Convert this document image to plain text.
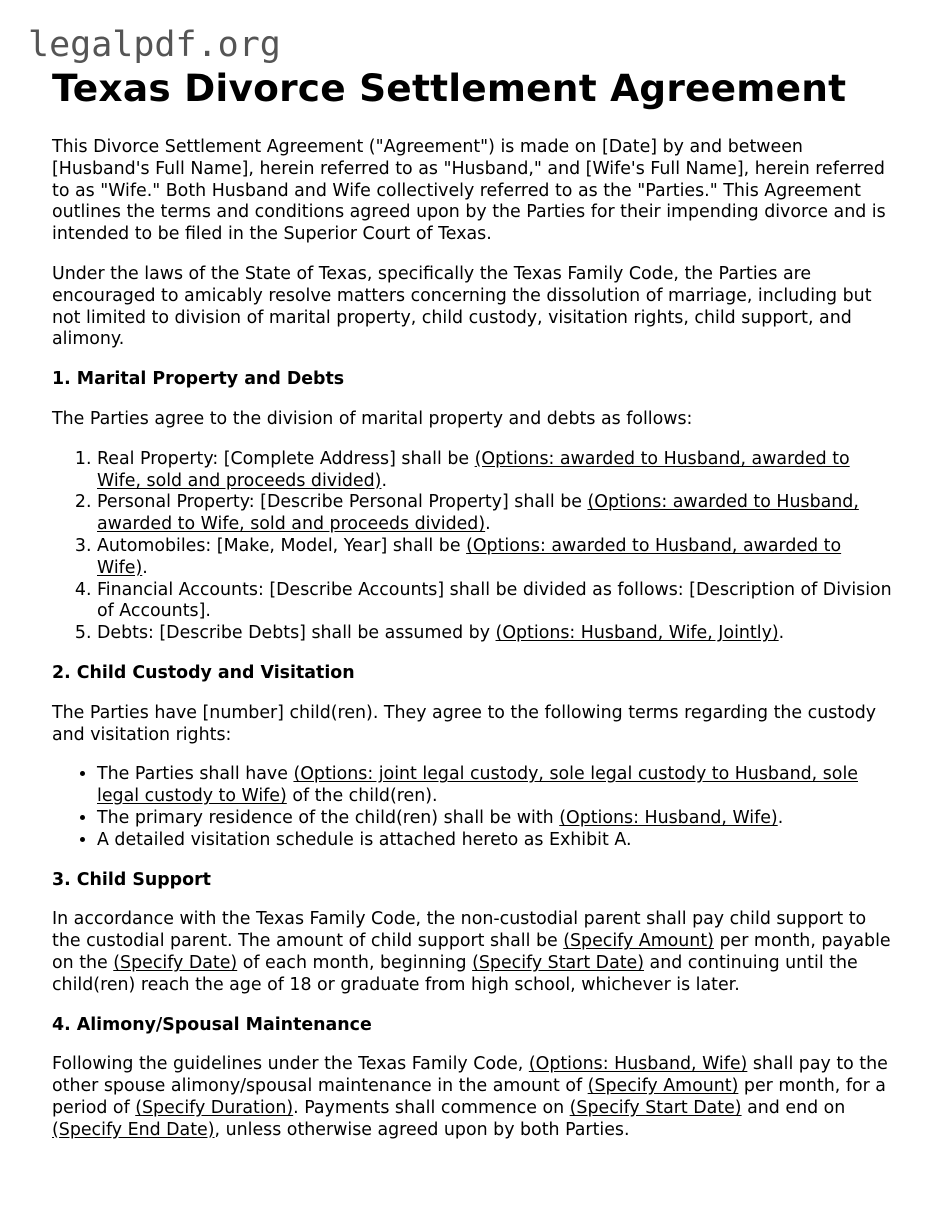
legalpdf.org
Texas Divorce Settlement Agreement

This Divorce Settlement Agreement ("Agreement") is made on [Date] by and between [Husband's Full Name], herein referred to as "Husband," and [Wife's Full Name], herein referred to as "Wife." Both Husband and Wife collectively referred to as the "Parties." This Agreement outlines the terms and conditions agreed upon by the Parties for their impending divorce and is intended to be filed in the Superior Court of Texas.

Under the laws of the State of Texas, specifically the Texas Family Code, the Parties are encouraged to amicably resolve matters concerning the dissolution of marriage, including but not limited to division of marital property, child custody, visitation rights, child support, and alimony.

1. Marital Property and Debts

The Parties agree to the division of marital property and debts as follows:

1. Real Property: [Complete Address] shall be (Options: awarded to Husband, awarded to Wife, sold and proceeds divided).
2. Personal Property: [Describe Personal Property] shall be (Options: awarded to Husband, awarded to Wife, sold and proceeds divided).
3. Automobiles: [Make, Model, Year] shall be (Options: awarded to Husband, awarded to Wife).
4. Financial Accounts: [Describe Accounts] shall be divided as follows: [Description of Division of Accounts].
5. Debts: [Describe Debts] shall be assumed by (Options: Husband, Wife, Jointly).
2. Child Custody and Visitation

The Parties have [number] child(ren). They agree to the following terms regarding the custody and visitation rights:

• The Parties shall have (Options: joint legal custody, sole legal custody to Husband, sole legal custody to Wife) of the child(ren).
• The primary residence of the child(ren) shall be with (Options: Husband, Wife).
• A detailed visitation schedule is attached hereto as Exhibit A.
3. Child Support

In accordance with the Texas Family Code, the non-custodial parent shall pay child support to the custodial parent. The amount of child support shall be (Specify Amount) per month, payable on the (Specify Date) of each month, beginning (Specify Start Date) and continuing until the child(ren) reach the age of 18 or graduate from high school, whichever is later.

4. Alimony/Spousal Maintenance

Following the guidelines under the Texas Family Code, (Options: Husband, Wife) shall pay to the other spouse alimony/spousal maintenance in the amount of (Specify Amount) per month, for a period of (Specify Duration). Payments shall commence on (Specify Start Date) and end on (Specify End Date), unless otherwise agreed upon by both Parties.
